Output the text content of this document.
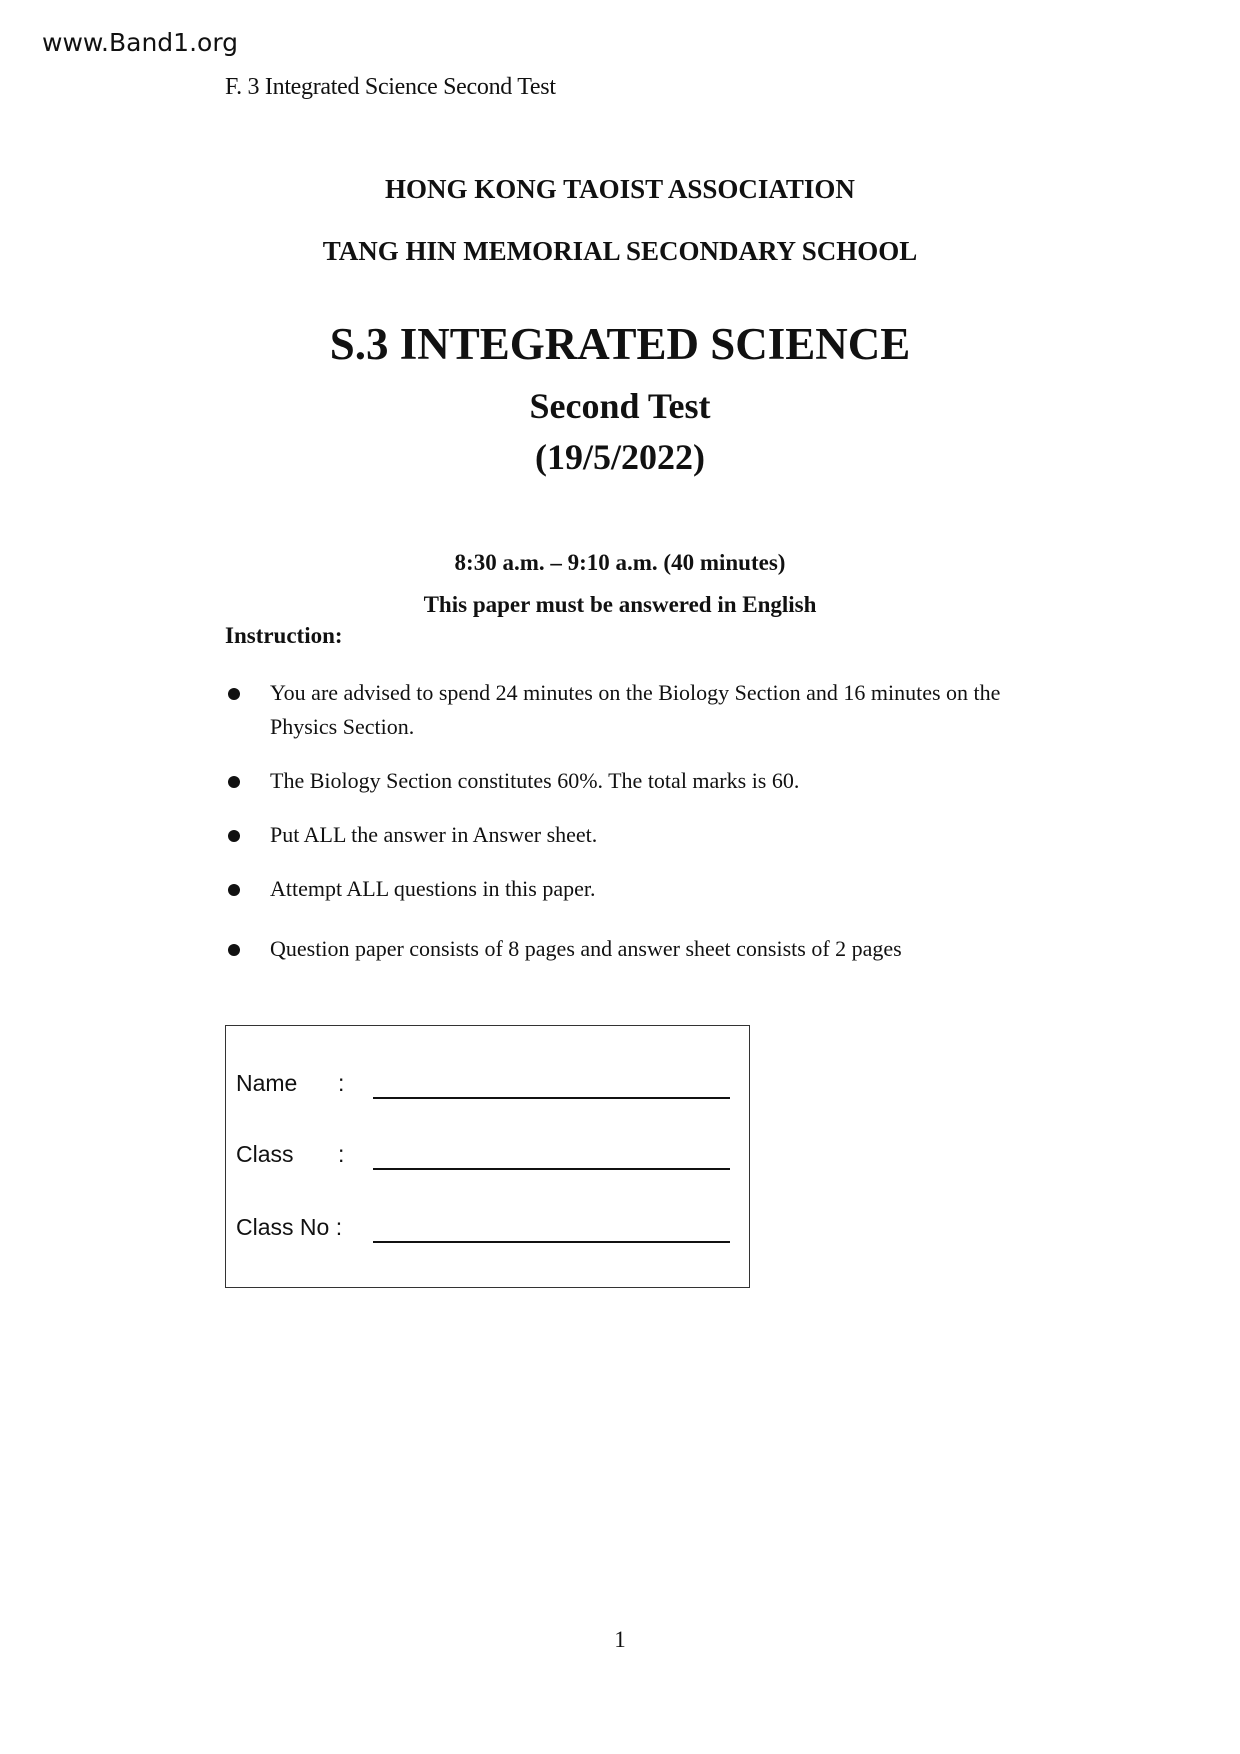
www.Band1.org
F. 3 Integrated Science Second Test
HONG KONG TAOIST ASSOCIATION
TANG HIN MEMORIAL SECONDARY SCHOOL
S.3 INTEGRATED SCIENCE
Second Test
(19/5/2022)
8:30 a.m. – 9:10 a.m. (40 minutes)
This paper must be answered in English
Instruction:
You are advised to spend 24 minutes on the Biology Section and 16 minutes on the Physics Section.
The Biology Section constitutes 60%. The total marks is 60.
Put ALL the answer in Answer sheet.
Attempt ALL questions in this paper.
Question paper consists of 8 pages and answer sheet consists of 2 pages
Name :
Class :
Class No :
1
